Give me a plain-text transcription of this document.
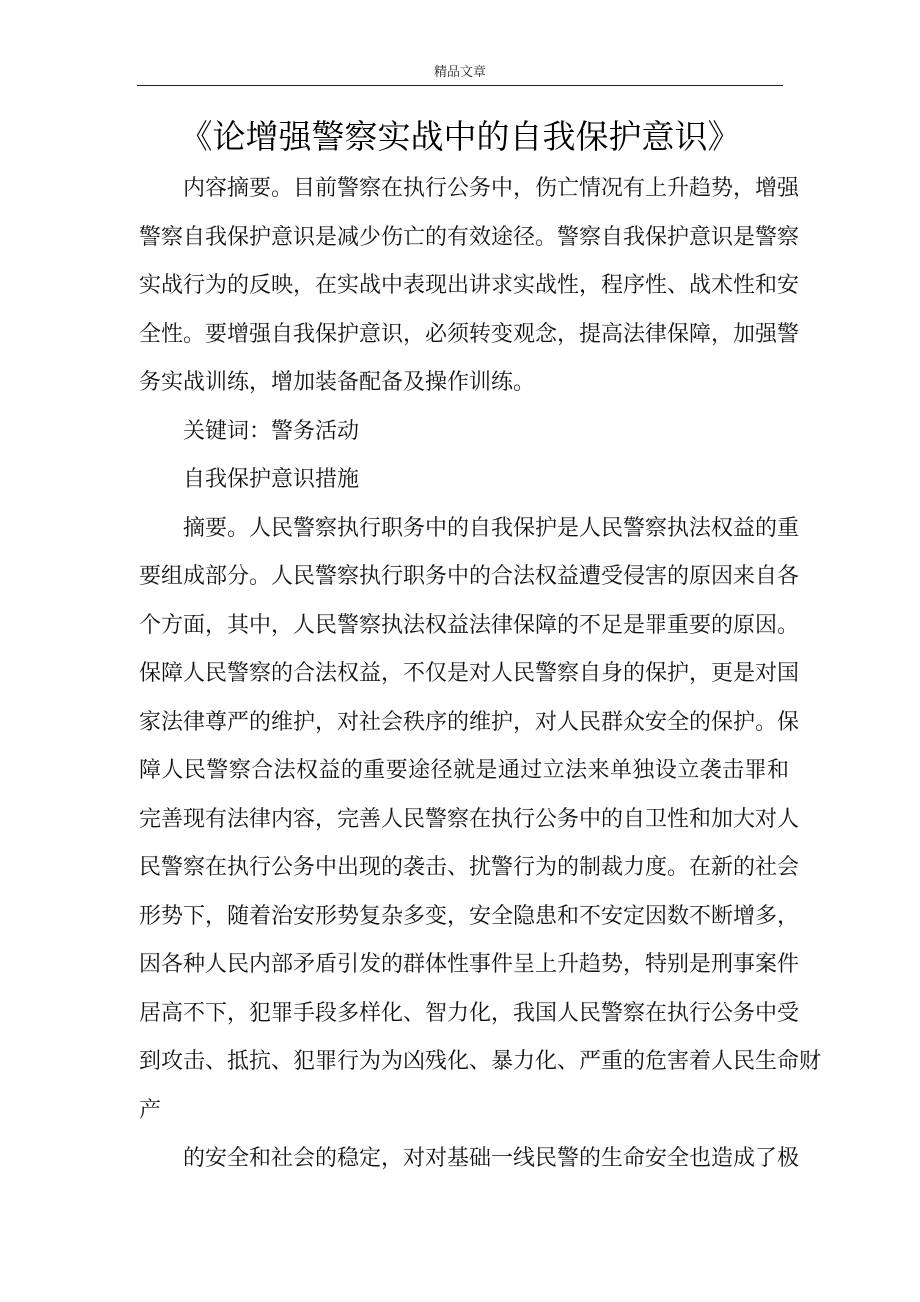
精品文章
《论增强警察实战中的自我保护意识》
内容摘要。目前警察在执行公务中，伤亡情况有上升趋势，增强
警察自我保护意识是减少伤亡的有效途径。警察自我保护意识是警察
实战行为的反映，在实战中表现出讲求实战性，程序性、战术性和安
全性。要增强自我保护意识，必须转变观念，提高法律保障，加强警
务实战训练，增加装备配备及操作训练。
关键词：警务活动
自我保护意识措施
摘要。人民警察执行职务中的自我保护是人民警察执法权益的重
要组成部分。人民警察执行职务中的合法权益遭受侵害的原因来自各
个方面，其中，人民警察执法权益法律保障的不足是罪重要的原因。
保障人民警察的合法权益，不仅是对人民警察自身的保护，更是对国
家法律尊严的维护，对社会秩序的维护，对人民群众安全的保护。保
障人民警察合法权益的重要途径就是通过立法来单独设立袭击罪和
完善现有法律内容，完善人民警察在执行公务中的自卫性和加大对人
民警察在执行公务中出现的袭击、扰警行为的制裁力度。在新的社会
形势下，随着治安形势复杂多变，安全隐患和不安定因数不断增多，
因各种人民内部矛盾引发的群体性事件呈上升趋势，特别是刑事案件
居高不下，犯罪手段多样化、智力化，我国人民警察在执行公务中受
到攻击、抵抗、犯罪行为为凶残化、暴力化、严重的危害着人民生命财
产
的安全和社会的稳定，对对基础一线民警的生命安全也造成了极
